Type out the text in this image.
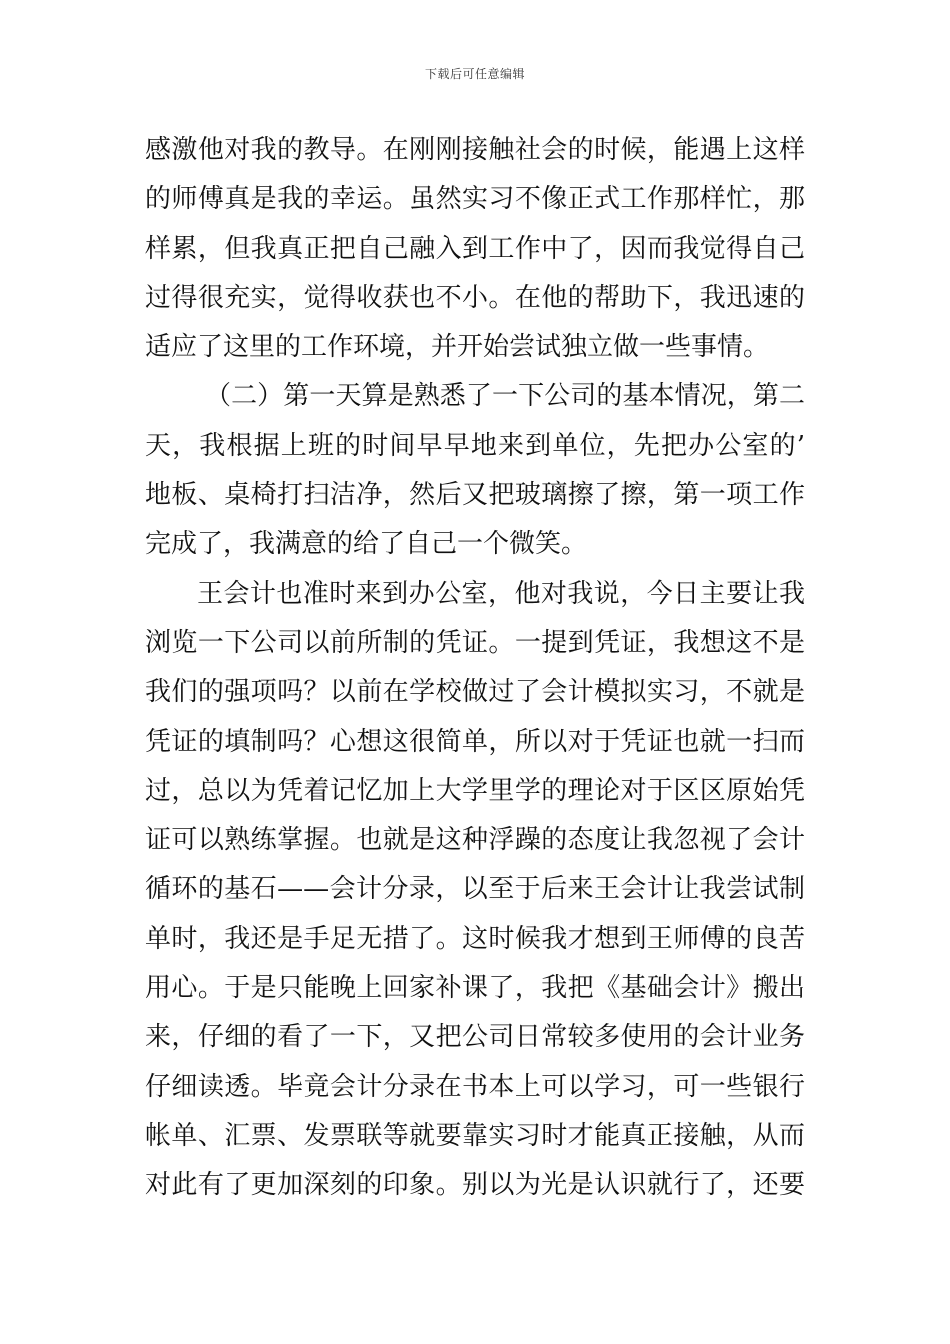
下载后可任意编辑
感激他对我的教导。在刚刚接触社会的时候，能遇上这样
的师傅真是我的幸运。虽然实习不像正式工作那样忙，那
样累，但我真正把自己融入到工作中了，因而我觉得自己
过得很充实，觉得收获也不小。在他的帮助下，我迅速的
适应了这里的工作环境，并开始尝试独立做一些事情。
（二）第一天算是熟悉了一下公司的基本情况，第二
天，我根据上班的时间早早地来到单位，先把办公室的’
地板、桌椅打扫洁净，然后又把玻璃擦了擦，第一项工作
完成了，我满意的给了自己一个微笑。
王会计也准时来到办公室，他对我说，今日主要让我
浏览一下公司以前所制的凭证。一提到凭证，我想这不是
我们的强项吗？以前在学校做过了会计模拟实习，不就是
凭证的填制吗？心想这很简单，所以对于凭证也就一扫而
过，总以为凭着记忆加上大学里学的理论对于区区原始凭
证可以熟练掌握。也就是这种浮躁的态度让我忽视了会计
循环的基石——会计分录，以至于后来王会计让我尝试制
单时，我还是手足无措了。这时候我才想到王师傅的良苦
用心。于是只能晚上回家补课了，我把《基础会计》搬出
来，仔细的看了一下，又把公司日常较多使用的会计业务
仔细读透。毕竟会计分录在书本上可以学习，可一些银行
帐单、汇票、发票联等就要靠实习时才能真正接触，从而
对此有了更加深刻的印象。别以为光是认识就行了，还要
